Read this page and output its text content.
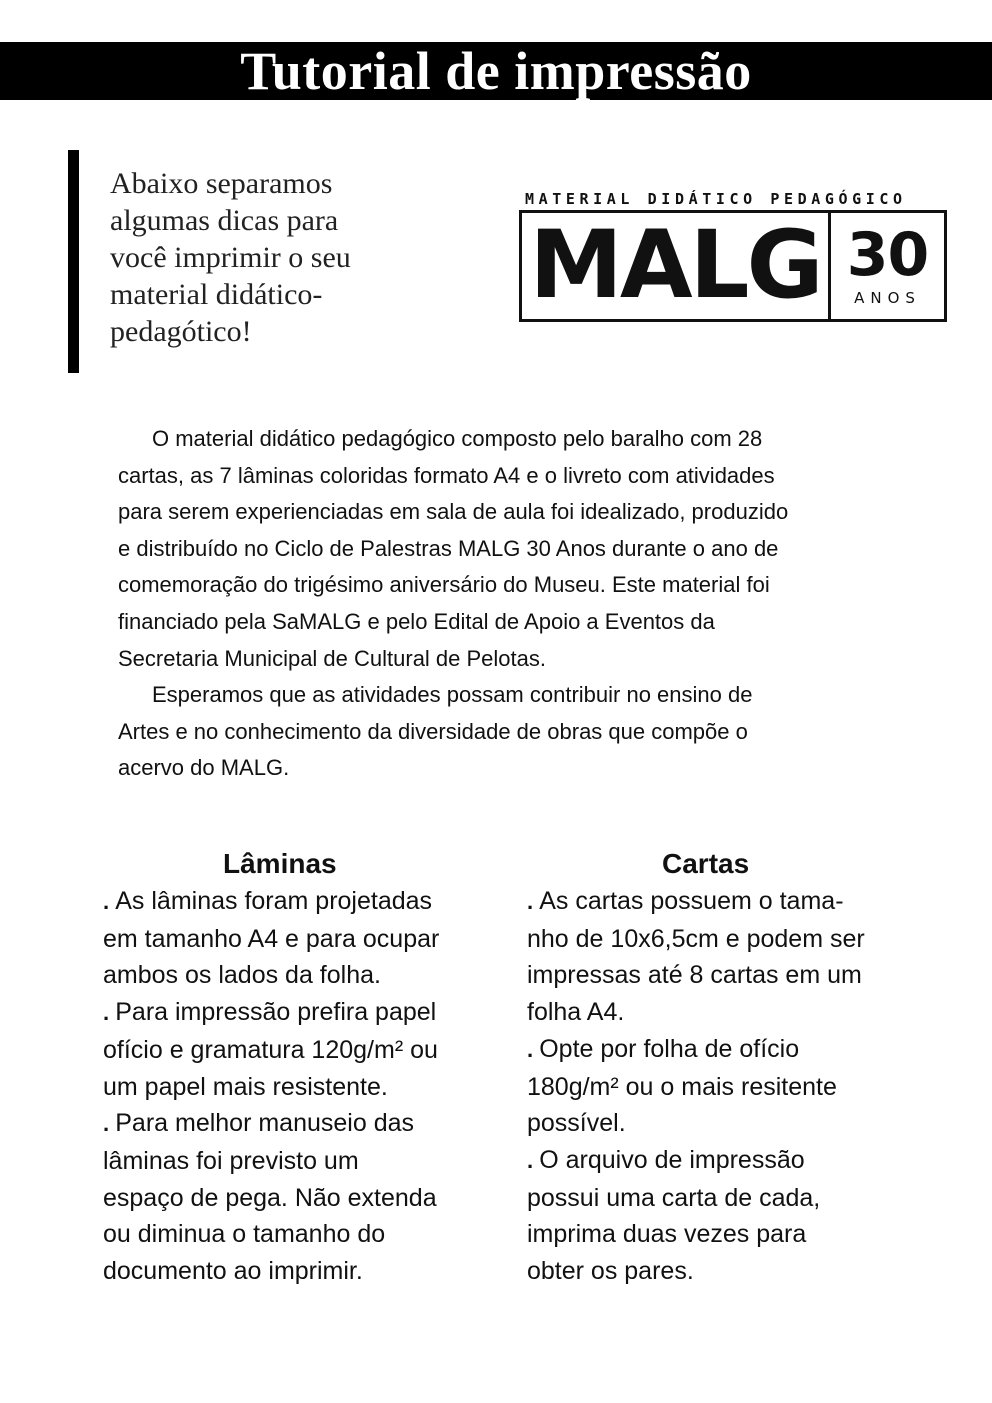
Tutorial de impressão
Abaixo separamos
algumas dicas para
você imprimir o seu
material didático-
pedagótico!
MATERIAL DIDÁTICO PEDAGÓGICO
MALG 30
ANOS
O material didático pedagógico composto pelo baralho com 28
cartas, as 7 lâminas coloridas formato A4 e o livreto com atividades
para serem experienciadas em sala de aula foi idealizado, produzido
e distribuído no Ciclo de Palestras MALG 30 Anos durante o ano de
comemoração do trigésimo aniversário do Museu. Este material foi
financiado pela SaMALG e pelo Edital de Apoio a Eventos da
Secretaria Municipal de Cultural de Pelotas.
Esperamos que as atividades possam contribuir no ensino de
Artes e no conhecimento da diversidade de obras que compõe o
acervo do MALG.
Lâminas
. As lâminas foram projetadas
em tamanho A4 e para ocupar
ambos os lados da folha.
. Para impressão prefira papel
ofício e gramatura 120g/m² ou
um papel mais resistente.
. Para melhor manuseio das
lâminas foi previsto um
espaço de pega. Não extenda
ou diminua o tamanho do
documento ao imprimir.
Cartas
. As cartas possuem o tama-
nho de 10x6,5cm e podem ser
impressas até 8 cartas em um
folha A4.
. Opte por folha de ofício
180g/m² ou o mais resitente
possível.
. O arquivo de impressão
possui uma carta de cada,
imprima duas vezes para
obter os pares.
